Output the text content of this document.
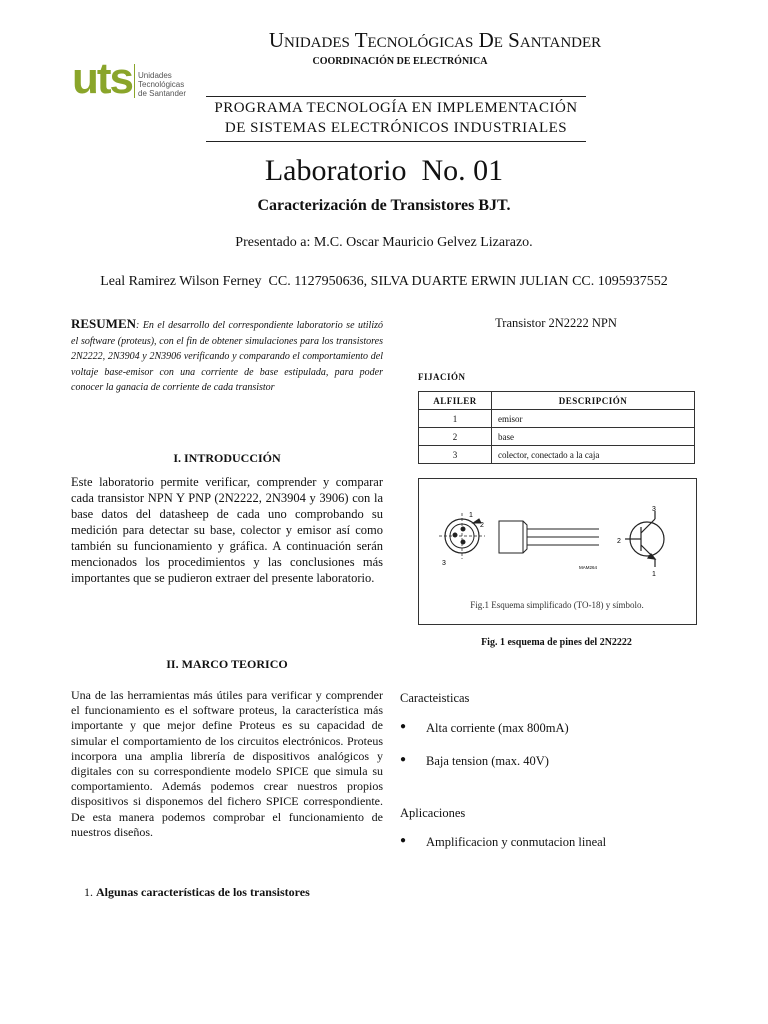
uts Unidades
Tecnológicas
de Santander
Unidades Tecnológicas De Santander
COORDINACIÓN DE ELECTRÓNICA
PROGRAMA TECNOLOGÍA EN IMPLEMENTACIÓN
DE SISTEMAS ELECTRÓNICOS INDUSTRIALES
Laboratorio  No. 01
Caracterización de Transistores BJT.
Presentado a: M.C. Oscar Mauricio Gelvez Lizarazo.
Leal Ramirez Wilson Ferney  CC. 1127950636, SILVA DUARTE ERWIN JULIAN CC. 1095937552
RESUMEN: En el desarrollo del correspondiente laboratorio se utilizó el software (proteus), con el fin de obtener simulaciones para los transistores 2N2222, 2N3904 y 2N3906 verificando y comparando el comportamiento del voltaje base-emisor con una corriente de base estipulada, para poder conocer la ganacia de corriente de cada transistor
I. INTRODUCCIÓN
Este laboratorio permite verificar, comprender y comparar cada transistor NPN Y PNP (2N2222, 2N3904 y 3906) con la base datos del datasheep de cada uno comprobando su medición para detectar su base, colector y emisor así como también su funcionamiento y gráfica. A continuación serán mencionados los procedimientos y las conclusiones más importantes que se pudieron extraer del presente laboratorio.
II. MARCO TEORICO
Una de las herramientas más útiles para verificar y comprender el funcionamiento es el software proteus, la característica más importante y que mejor define Proteus es su capacidad de simular el comportamiento de los circuitos electrónicos. Proteus incorpora una amplia librería de dispositivos analógicos y digitales con su correspondiente modelo SPICE que simula su comportamiento. Además podemos crear nuestros propios dispositivos si disponemos del fichero SPICE correspondiente. De esta manera podemos comprobar el funcionamiento de nuestros diseños.
1. Algunas características de los transistores
Transistor 2N2222 NPN
FIJACIÓN
ALFILER	DESCRIPCIÓN
1	emisor
2	base
3	colector, conectado a la caja
1
2
3
MAM264
3
2
1
Fig.1 Esquema simplificado (TO-18) y símbolo.
Fig. 1 esquema de pines del 2N2222
Caracteisticas
● Alta corriente (max 800mA)
● Baja tension (max. 40V)
Aplicaciones
● Amplificacion y conmutacion lineal
